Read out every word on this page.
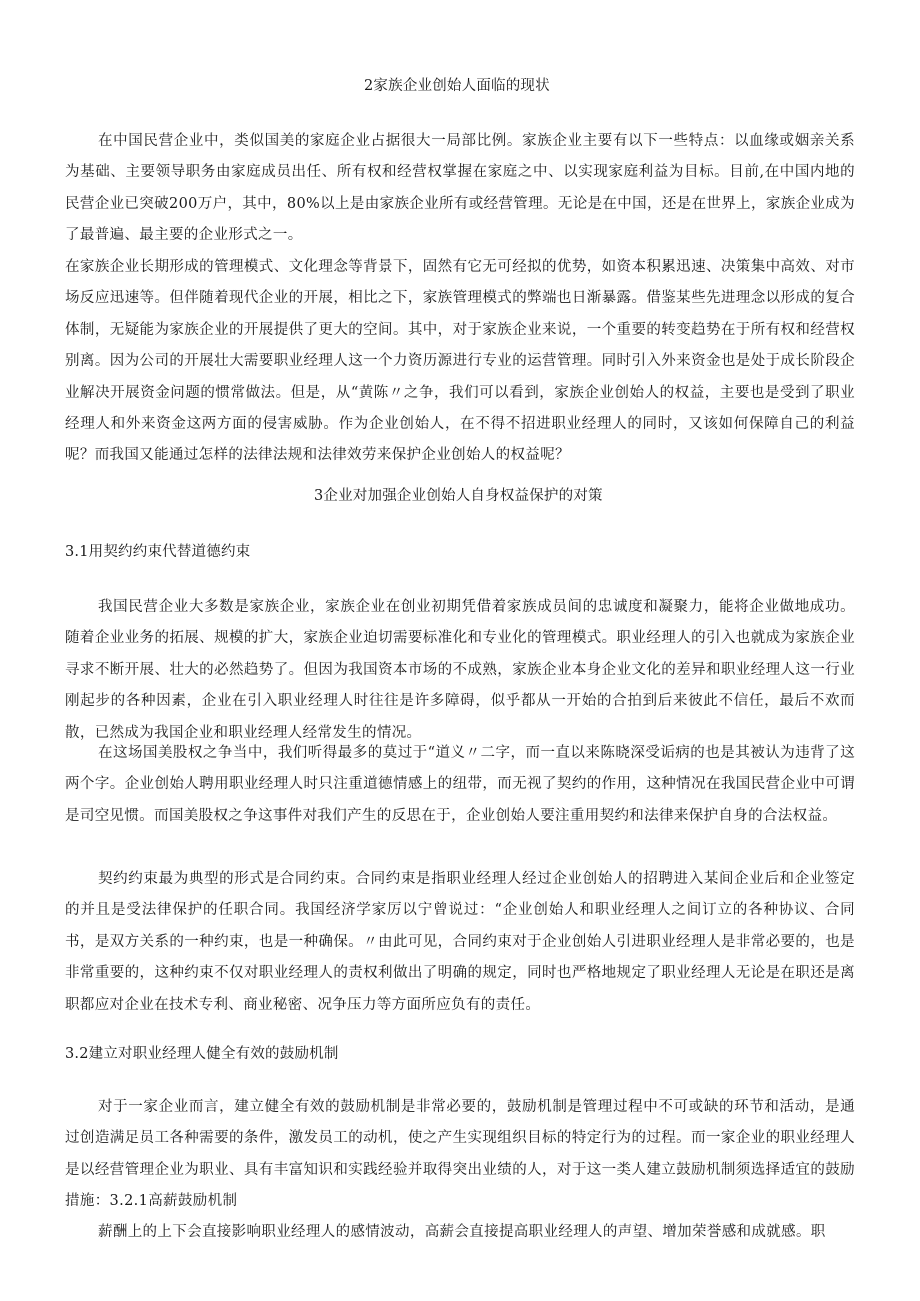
2家族企业创始人面临的现状

在中国民营企业中，类似国美的家庭企业占据很大一局部比例。家族企业主要有以下一些特点：以血缘或姻亲关系为基础、主要领导职务由家庭成员出任、所有权和经营权掌握在家庭之中、以实现家庭利益为目标。目前,在中国内地的民营企业已突破200万户，其中，80%以上是由家族企业所有或经营管理。无论是在中国，还是在世界上，家族企业成为了最普遍、最主要的企业形式之一。

在家族企业长期形成的管理模式、文化理念等背景下，固然有它无可经拟的优势，如资本积累迅速、决策集中高效、对市场反应迅速等。但伴随着现代企业的开展，相比之下，家族管理模式的弊端也日渐暴露。借鉴某些先进理念以形成的复合体制，无疑能为家族企业的开展提供了更大的空间。其中，对于家族企业来说，一个重要的转变趋势在于所有权和经营权别离。因为公司的开展壮大需要职业经理人这一个力资历源进行专业的运营管理。同时引入外来资金也是处于成长阶段企业解决开展资金问题的惯常做法。但是，从“黄陈〃之争，我们可以看到，家族企业创始人的权益，主要也是受到了职业经理人和外来资金这两方面的侵害威胁。作为企业创始人，在不得不招进职业经理人的同时，又该如何保障自己的利益呢？而我国又能通过怎样的法律法规和法律效劳来保护企业创始人的权益呢？

3企业对加强企业创始人自身权益保护的对策
3.1用契约约束代替道德约束

我国民营企业大多数是家族企业，家族企业在创业初期凭借着家族成员间的忠诚度和凝聚力，能将企业做地成功。随着企业业务的拓展、规模的扩大，家族企业迫切需要标准化和专业化的管理模式。职业经理人的引入也就成为家族企业寻求不断开展、壮大的必然趋势了。但因为我国资本市场的不成熟，家族企业本身企业文化的差异和职业经理人这一行业刚起步的各种因素，企业在引入职业经理人时往往是许多障碍，似乎都从一开始的合拍到后来彼此不信任，最后不欢而散，已然成为我国企业和职业经理人经常发生的情况。

在这场国美股权之争当中，我们听得最多的莫过于“道义〃二字，而一直以来陈晓深受诟病的也是其被认为违背了这两个字。企业创始人聘用职业经理人时只注重道德情感上的纽带，而无视了契约的作用，这种情况在我国民营企业中可谓是司空见惯。而国美股权之争这事件对我们产生的反思在于，企业创始人要注重用契约和法律来保护自身的合法权益。

契约约束最为典型的形式是合同约束。合同约束是指职业经理人经过企业创始人的招聘进入某间企业后和企业签定的并且是受法律保护的任职合同。我国经济学家厉以宁曾说过：“企业创始人和职业经理人之间订立的各种协议、合同书，是双方关系的一种约束，也是一种确保。〃由此可见，合同约束对于企业创始人引进职业经理人是非常必要的，也是非常重要的，这种约束不仅对职业经理人的责权利做出了明确的规定，同时也严格地规定了职业经理人无论是在职还是离职都应对企业在技术专利、商业秘密、况争压力等方面所应负有的责任。

3.2建立对职业经理人健全有效的鼓励机制

对于一家企业而言，建立健全有效的鼓励机制是非常必要的，鼓励机制是管理过程中不可或缺的环节和活动，是通过创造满足员工各种需要的条件，激发员工的动机，使之产生实现组织目标的特定行为的过程。而一家企业的职业经理人是以经营管理企业为职业、具有丰富知识和实践经验并取得突出业绩的人，对于这一类人建立鼓励机制须选择适宜的鼓励措施：3.2.1高薪鼓励机制

薪酬上的上下会直接影响职业经理人的感情波动，高薪会直接提高职业经理人的声望、增加荣誉感和成就感。职
